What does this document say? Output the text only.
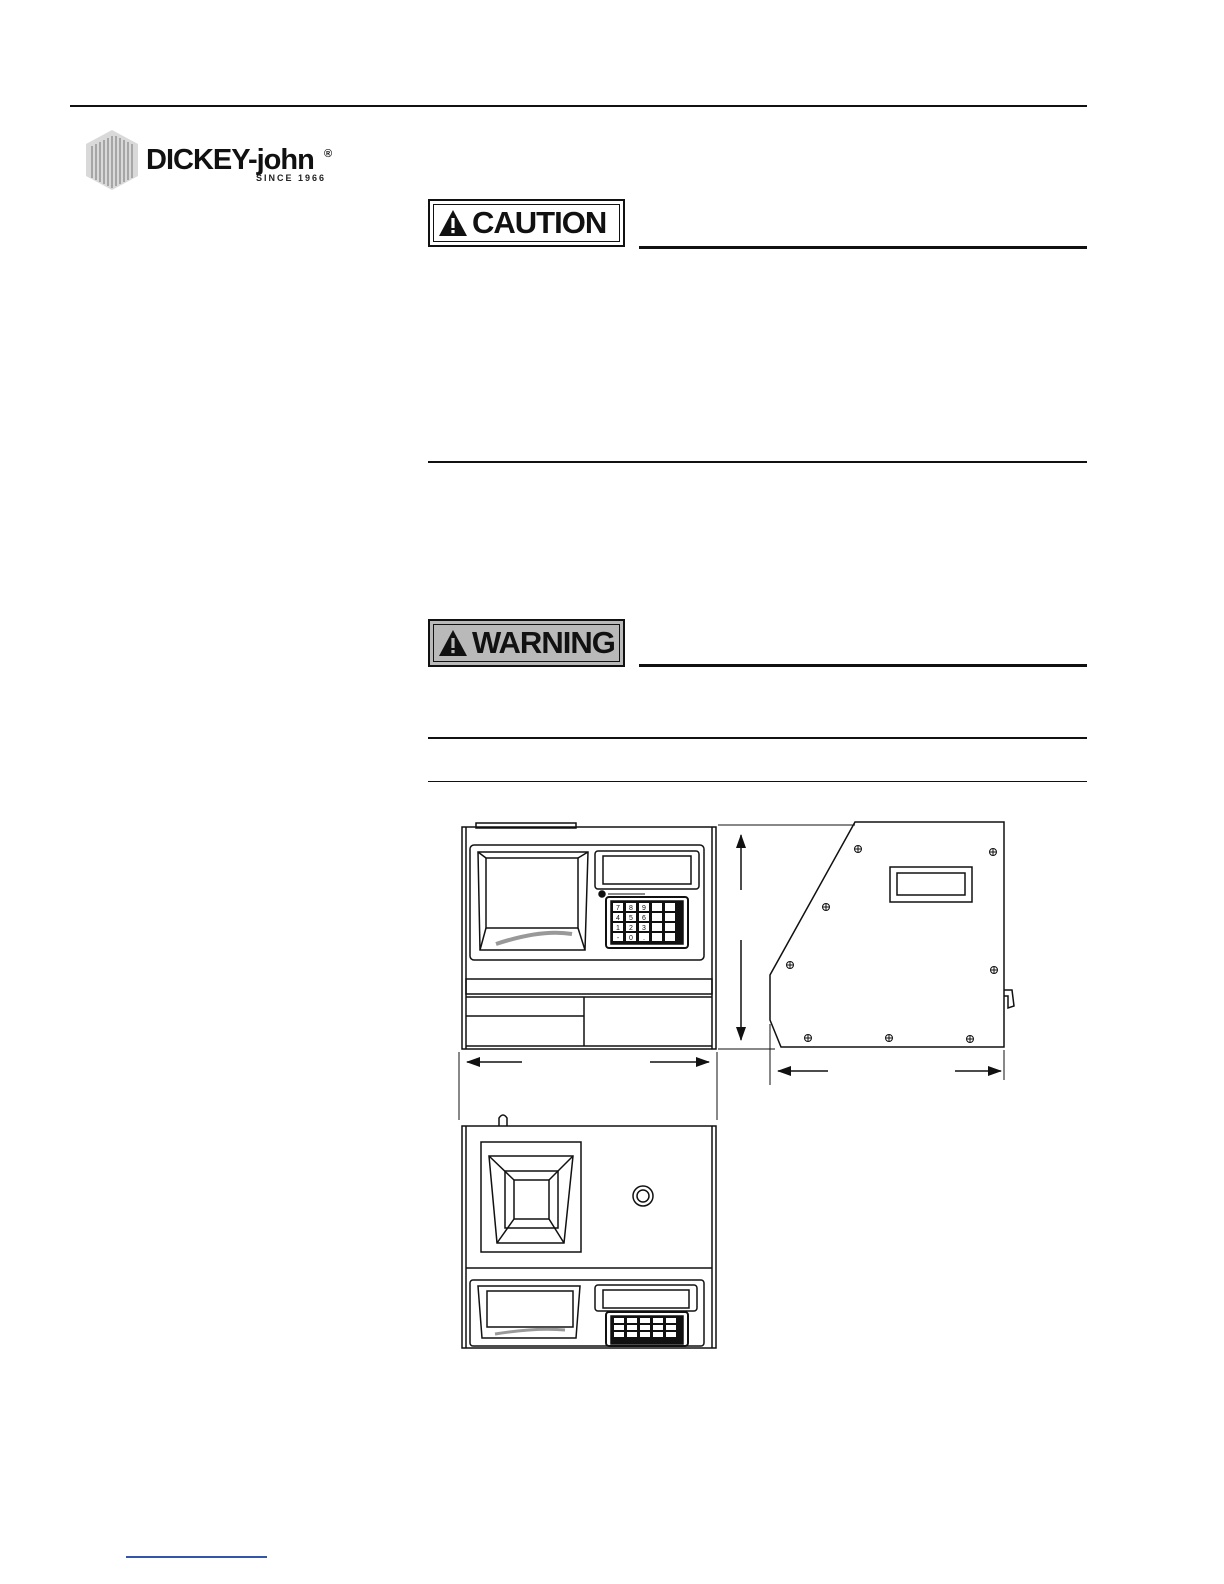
DICKEY-john ®
SINCE 1966
CAUTION
WARNING
7 8 9
4 5 6
1 2 3
- 0 .
